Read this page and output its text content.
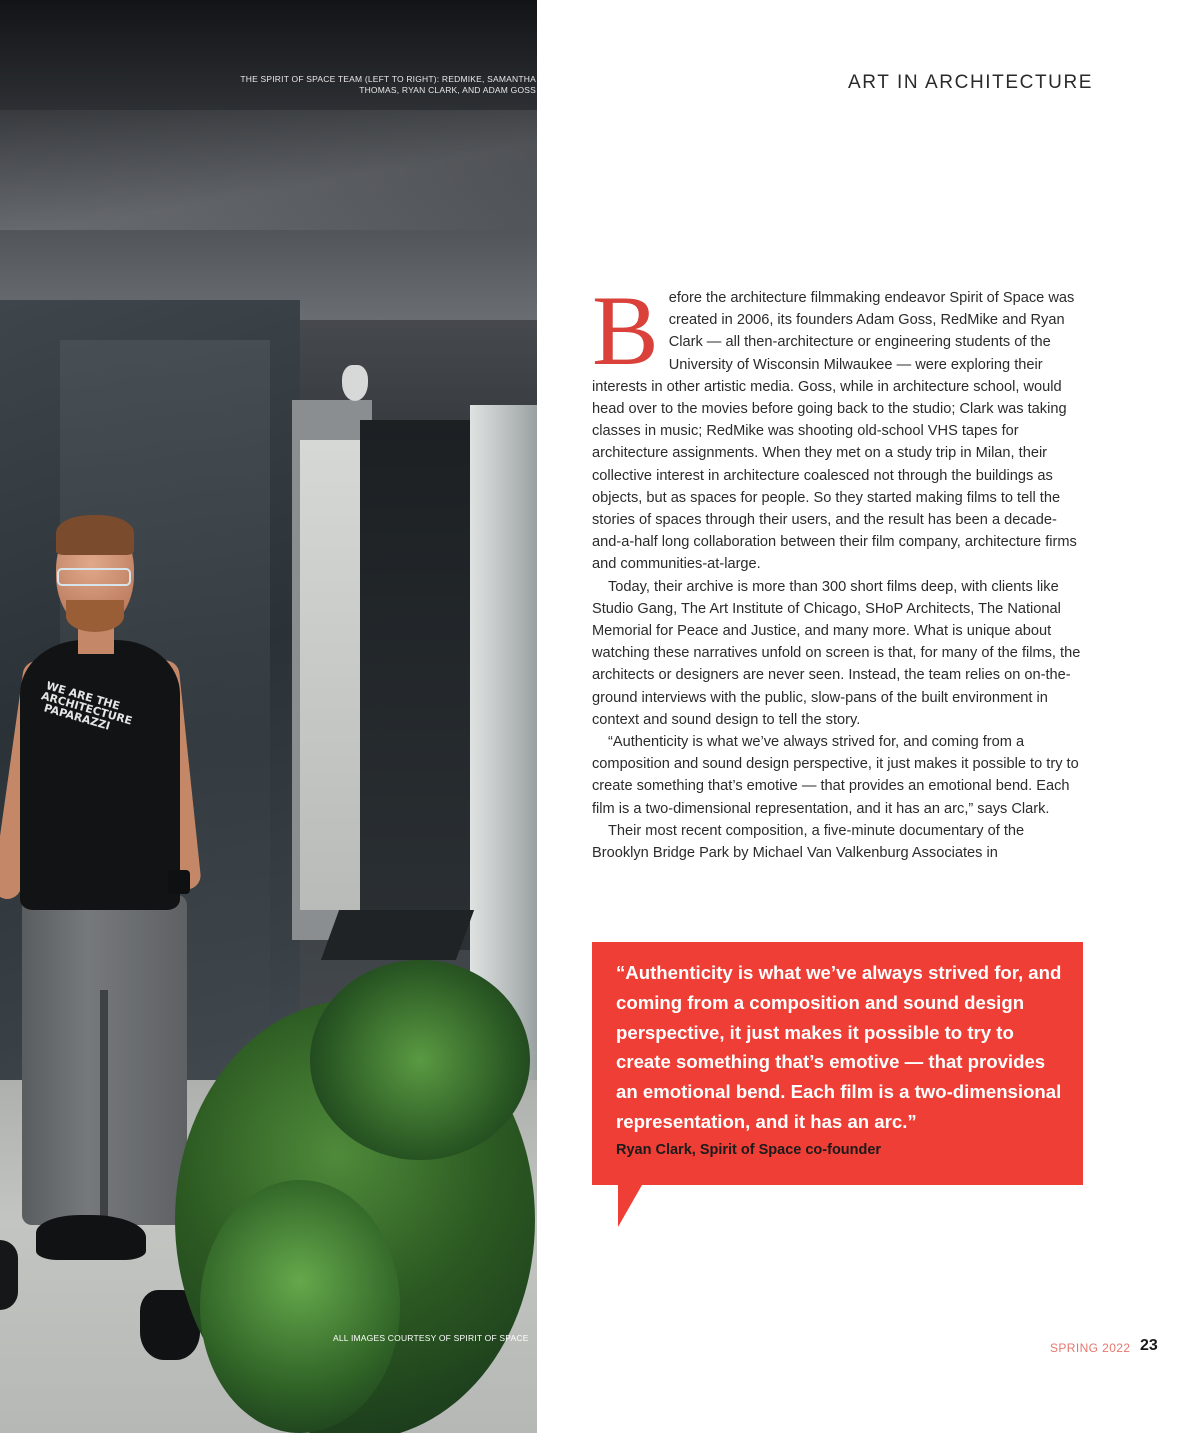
WE ARE THE ARCHITECTURE PAPARAZZI
THE SPIRIT OF SPACE TEAM (LEFT TO RIGHT): REDMIKE, SAMANTHA THOMAS, RYAN CLARK, AND ADAM GOSS
ALL IMAGES COURTESY OF SPIRIT OF SPACE
ART IN ARCHITECTURE

Before the architecture filmmaking endeavor Spirit of Space was created in 2006, its founders Adam Goss, RedMike and Ryan Clark — all then-architecture or engineering students of the University of Wisconsin Milwaukee — were exploring their interests in other artistic media. Goss, while in architecture school, would head over to the movies before going back to the studio; Clark was taking classes in music; RedMike was shooting old-school VHS tapes for architecture assignments. When they met on a study trip in Milan, their collective interest in architecture coalesced not through the buildings as objects, but as spaces for people. So they started making films to tell the stories of spaces through their users, and the result has been a decade-and-a-half long collaboration between their film company, architecture firms and communities-at-large.

Today, their archive is more than 300 short films deep, with clients like Studio Gang, The Art Institute of Chicago, SHoP Architects, The National Memorial for Peace and Justice, and many more. What is unique about watching these narratives unfold on screen is that, for many of the films, the architects or designers are never seen. Instead, the team relies on on-the-ground interviews with the public, slow-pans of the built environment in context and sound design to tell the story.

“Authenticity is what we’ve always strived for, and coming from a composition and sound design perspective, it just makes it possible to try to create something that’s emotive — that provides an emotional bend. Each film is a two-dimensional representation, and it has an arc,” says Clark.

Their most recent composition, a five-minute documentary of the Brooklyn Bridge Park by Michael Van Valkenburg Associates in

“Authenticity is what we’ve always strived for, and coming from a composition and sound design perspective, it just makes it possible to try to create something that’s emotive — that provides an emotional bend. Each film is a two-dimensional representation, and it has an arc.”
Ryan Clark, Spirit of Space co-founder
SPRING 2022 23
